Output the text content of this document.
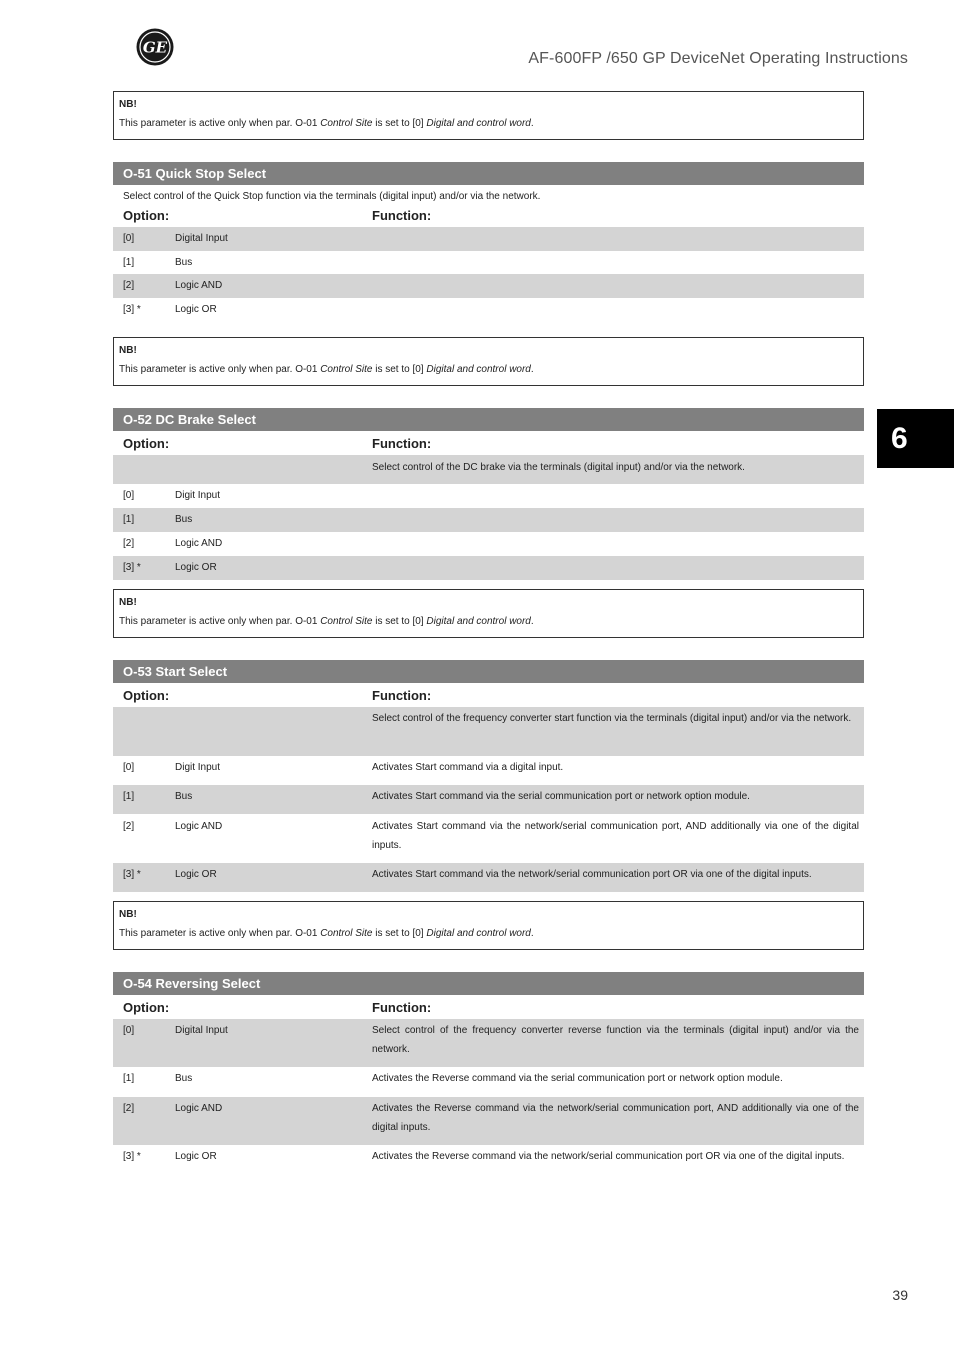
GE
AF-600FP /650 GP DeviceNet Operating Instructions
6
NB!
This parameter is active only when par. O-01 Control Site is set to [0] Digital and control word.
O-51 Quick Stop Select
Select control of the Quick Stop function via the terminals (digital input) and/or via the network.
Option:	Function:
[0]	Digital Input
[1]	Bus
[2]	Logic AND
[3] *	Logic OR
NB!
This parameter is active only when par. O-01 Control Site is set to [0] Digital and control word.
O-52 DC Brake Select
Option:	Function:
Select control of the DC brake via the terminals (digital input) and/or via the network.
[0]	Digit Input
[1]	Bus
[2]	Logic AND
[3] *	Logic OR
NB!
This parameter is active only when par. O-01 Control Site is set to [0] Digital and control word.
O-53 Start Select
Option:	Function:
Select control of the frequency converter start function via the terminals (digital input) and/or via the network.
[0]	Digit Input	Activates Start command via a digital input.
[1]	Bus	Activates Start command via the serial communication port or network option module.
[2]	Logic AND	Activates Start command via the network/serial communication port, AND additionally via one of the digital inputs.
[3] *	Logic OR	Activates Start command via the network/serial communication port OR via one of the digital inputs.
NB!
This parameter is active only when par. O-01 Control Site is set to [0] Digital and control word.
O-54 Reversing Select
Option:	Function:
[0]	Digital Input	Select control of the frequency converter reverse function via the terminals (digital input) and/or via the network.
[1]	Bus	Activates the Reverse command via the serial communication port or network option module.
[2]	Logic AND	Activates the Reverse command via the network/serial communication port, AND additionally via one of the digital inputs.
[3] *	Logic OR	Activates the Reverse command via the network/serial communication port OR via one of the digital inputs.
39
